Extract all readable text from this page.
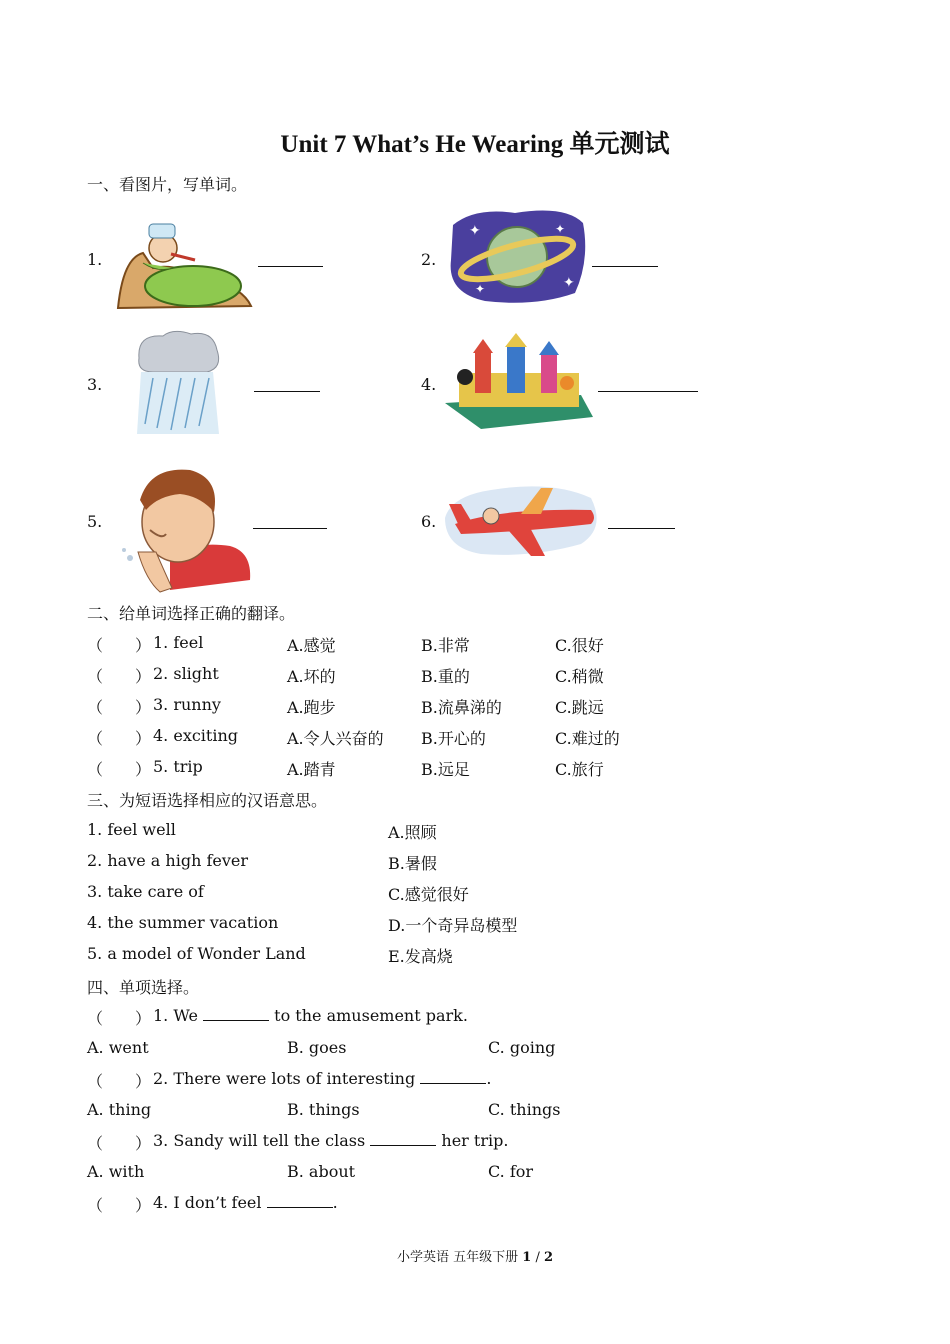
Unit 7 What’s He Wearing 单元测试
一、看图片，写单词。
1.	2.
✦	✦
✦
✦
3.	4.
5.	6.
二、给单词选择正确的翻译。
（　　） 1. feel	A.感觉	B.非常	C.很好
（　　） 2. slight	A.坏的	B.重的	C.稍微
（　　） 3. runny	A.跑步	B.流鼻涕的	C.跳远
（　　） 4. exciting	A.令人兴奋的 B.开心的	C.难过的
（　　） 5. trip	A.踏青	B.远足	C.旅行
三、为短语选择相应的汉语意思。
1. feel well	A.照顾
2. have a high fever	B.暑假
3. take care of	C.感觉很好
4. the summer vacation	D.一个奇异岛模型
5. a model of Wonder Land	E.发高烧
四、单项选择。
（　　） 1. We	to the amusement park.
A. went	B. goes	C. going
（　　） 2. There were lots of interesting	.
A. thing	B. things	C. things
（　　） 3. Sandy will tell the class	her trip.
A. with	B. about	C. for
（　　） 4. I don’t feel	.
小学英语 五年级下册 1 / 2
